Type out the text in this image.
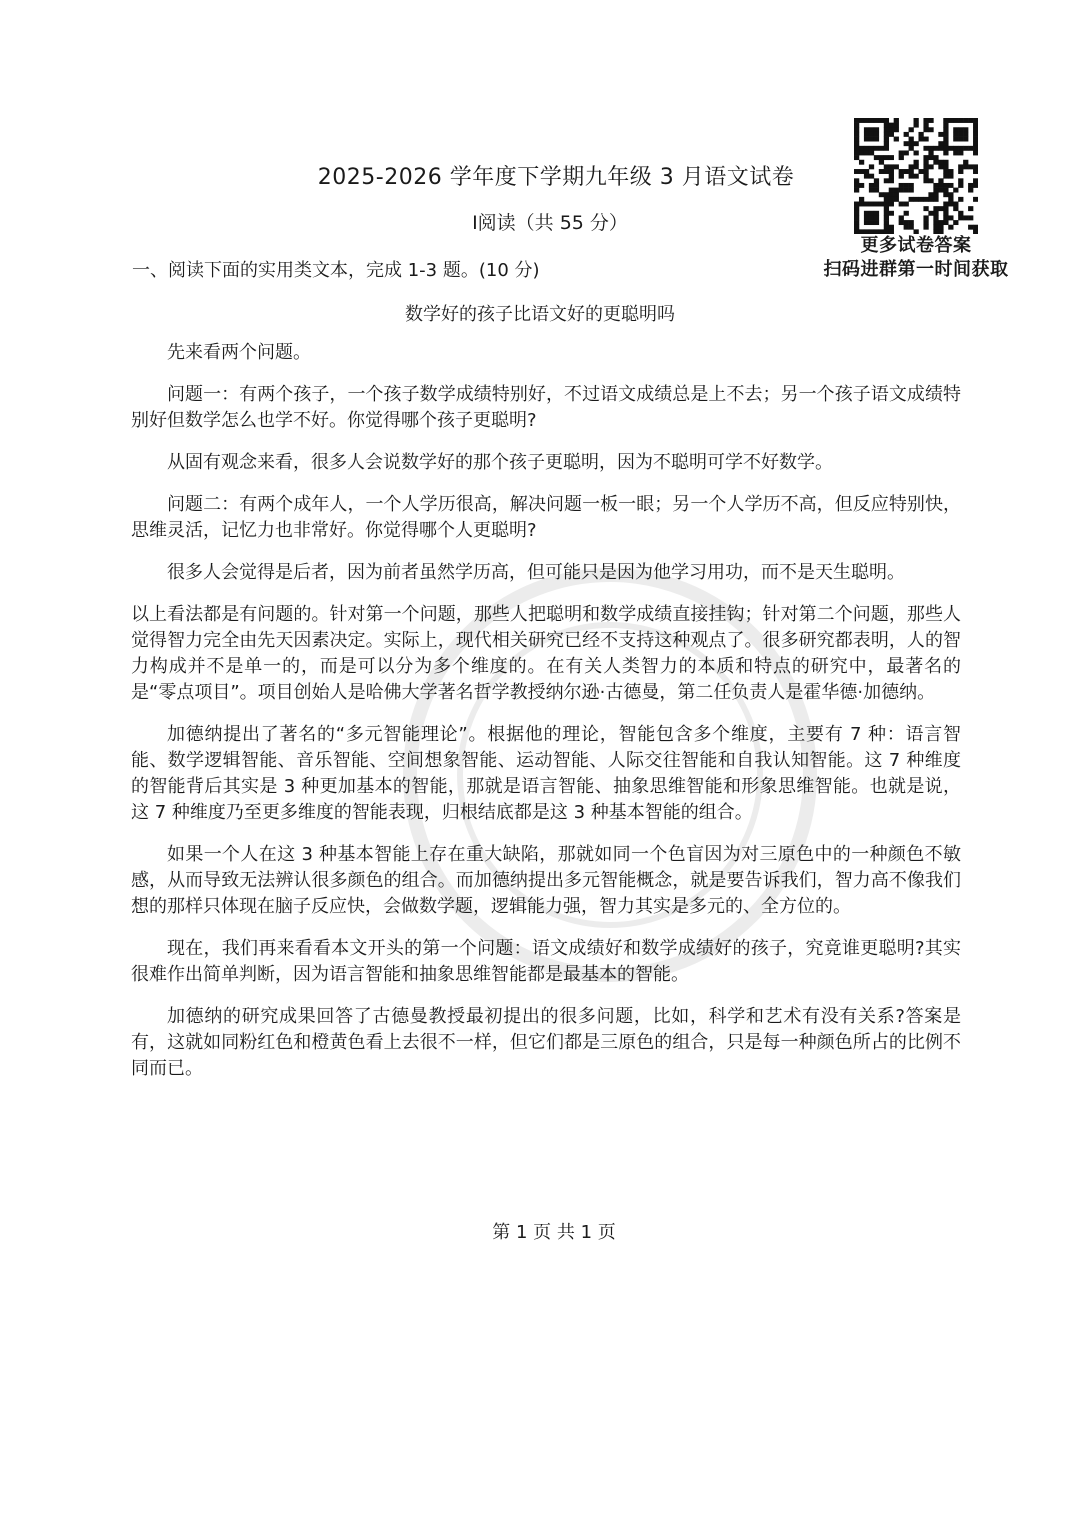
更多试卷答案
扫码进群第一时间获取
2025-2026 学年度下学期九年级 3 月语文试卷
Ⅰ阅读（共 55 分）
一、阅读下面的实用类文本，完成 1-3 题。(10 分)
数学好的孩子比语文好的更聪明吗

先来看两个问题。

问题一：有两个孩子，一个孩子数学成绩特别好，不过语文成绩总是上不去；另一个孩子语文成绩特别好但数学怎么也学不好。你觉得哪个孩子更聪明?

从固有观念来看，很多人会说数学好的那个孩子更聪明，因为不聪明可学不好数学。

问题二：有两个成年人，一个人学历很高，解决问题一板一眼；另一个人学历不高，但反应特别快，思维灵活，记忆力也非常好。你觉得哪个人更聪明?

很多人会觉得是后者，因为前者虽然学历高，但可能只是因为他学习用功，而不是天生聪明。

以上看法都是有问题的。针对第一个问题，那些人把聪明和数学成绩直接挂钩；针对第二个问题，那些人觉得智力完全由先天因素决定。实际上，现代相关研究已经不支持这种观点了。很多研究都表明，人的智力构成并不是单一的，而是可以分为多个维度的。在有关人类智力的本质和特点的研究中，最著名的是“零点项目”。项目创始人是哈佛大学著名哲学教授纳尔逊·古德曼，第二任负责人是霍华德·加德纳。

加德纳提出了著名的“多元智能理论”。根据他的理论，智能包含多个维度，主要有 7 种：语言智能、数学逻辑智能、音乐智能、空间想象智能、运动智能、人际交往智能和自我认知智能。这 7 种维度的智能背后其实是 3 种更加基本的智能，那就是语言智能、抽象思维智能和形象思维智能。也就是说，这 7 种维度乃至更多维度的智能表现，归根结底都是这 3 种基本智能的组合。

如果一个人在这 3 种基本智能上存在重大缺陷，那就如同一个色盲因为对三原色中的一种颜色不敏感，从而导致无法辨认很多颜色的组合。而加德纳提出多元智能概念，就是要告诉我们，智力高不像我们想的那样只体现在脑子反应快，会做数学题，逻辑能力强，智力其实是多元的、全方位的。

现在，我们再来看看本文开头的第一个问题：语文成绩好和数学成绩好的孩子，究竟谁更聪明?其实很难作出简单判断，因为语言智能和抽象思维智能都是最基本的智能。

加德纳的研究成果回答了古德曼教授最初提出的很多问题，比如，科学和艺术有没有关系?答案是有，这就如同粉红色和橙黄色看上去很不一样，但它们都是三原色的组合，只是每一种颜色所占的比例不同而已。

第 1 页 共 1 页
